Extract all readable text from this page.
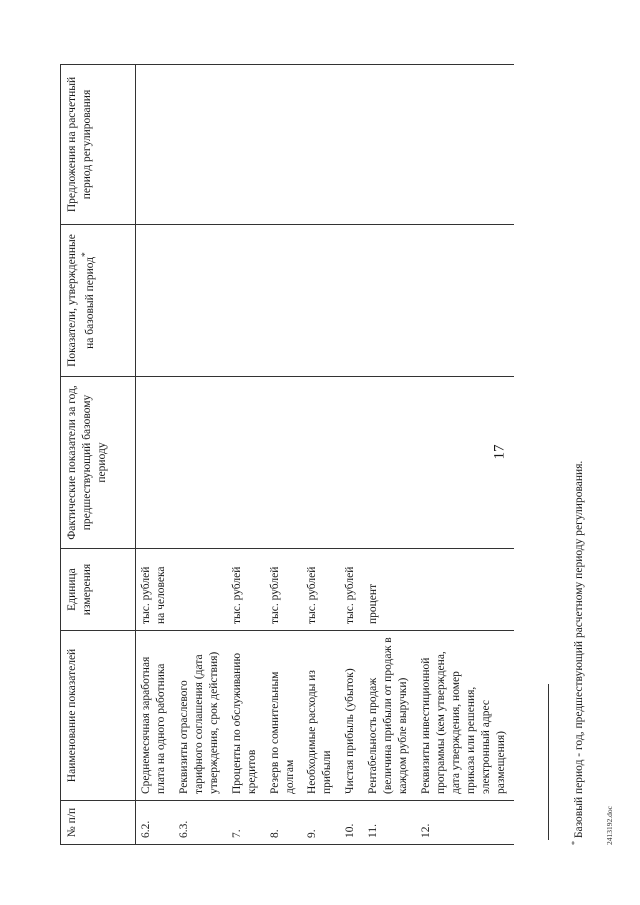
17
№ п/п	Наименование показателей	Единица измерения	Фактические показатели за год, предшествующий базовому периоду	Показатели, утвержденные на базовый период*	Предложения на расчетный период регулирования
6.2.	Среднемесячная заработная плата на одного работника	тыс. рублей на человека			
6.3.	Реквизиты отраслевого тарифного соглашения (дата утверждения, срок действия)				
7.	Проценты по обслуживанию кредитов	тыс. рублей			
8.	Резерв по сомнительным долгам	тыс. рублей			
9.	Необходимые расходы из прибыли	тыс. рублей			
10.	Чистая прибыль (убыток)	тыс. рублей			
11.	Рентабельность продаж (величина прибыли от продаж в каждом рубле выручки)	процент			
12.	Реквизиты инвестиционной программы (кем утверждена, дата утверждения, номер приказа или решения, электронный адрес размещения)				
* Базовый период - год, предшествующий расчетному периоду регулирования.	2413192.doc
